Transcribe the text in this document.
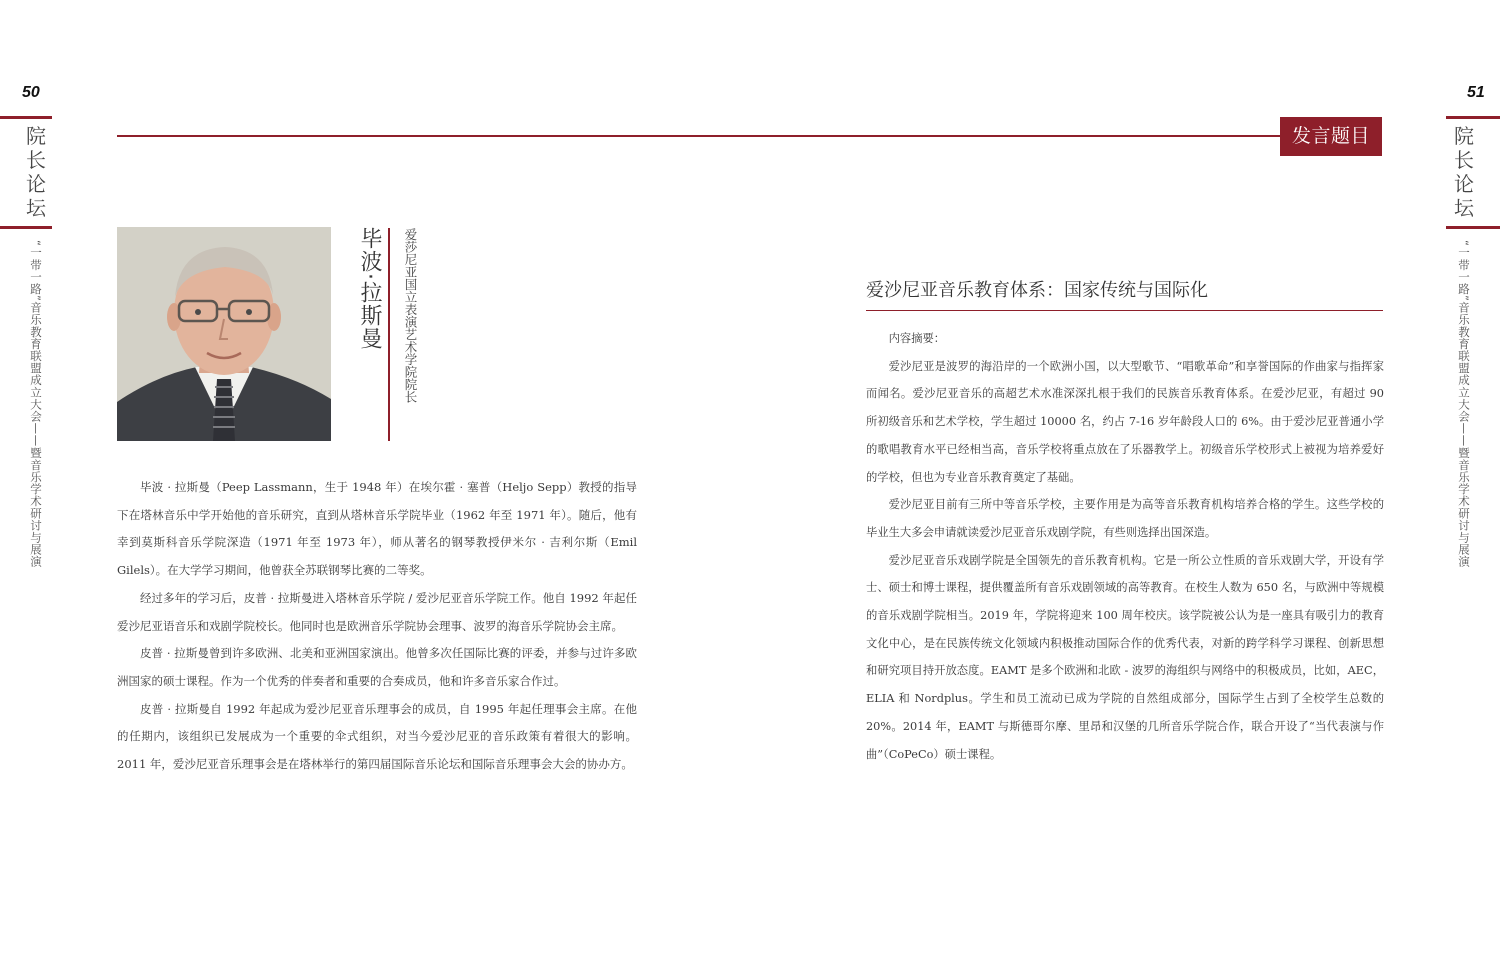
50
院长论坛
“一带一路”音乐教育联盟成立大会——暨音乐学术研讨与展演
51
院长论坛
“一带一路”音乐教育联盟成立大会——暨音乐学术研讨与展演
发言题目
毕波·拉斯曼 爱莎尼亚国立表演艺术学院院长

毕波 · 拉斯曼（Peep Lassmann，生于 1948 年）在埃尔霍 · 塞普（Heljo Sepp）教授的指导下在塔林音乐中学开始他的音乐研究，直到从塔林音乐学院毕业（1962 年至 1971 年）。随后，他有幸到莫斯科音乐学院深造（1971 年至 1973 年），师从著名的钢琴教授伊米尔 · 吉利尔斯（Emil Gilels）。在大学学习期间，他曾获全苏联钢琴比赛的二等奖。

经过多年的学习后，皮普 · 拉斯曼进入塔林音乐学院 / 爱沙尼亚音乐学院工作。他自 1992 年起任爱沙尼亚语音乐和戏剧学院校长。他同时也是欧洲音乐学院协会理事、波罗的海音乐学院协会主席。

皮普 · 拉斯曼曾到许多欧洲、北美和亚洲国家演出。他曾多次任国际比赛的评委，并参与过许多欧洲国家的硕士课程。作为一个优秀的伴奏者和重要的合奏成员，他和许多音乐家合作过。

皮普 · 拉斯曼自 1992 年起成为爱沙尼亚音乐理事会的成员，自 1995 年起任理事会主席。在他的任期内，该组织已发展成为一个重要的伞式组织，对当今爱沙尼亚的音乐政策有着很大的影响。2011 年，爱沙尼亚音乐理事会是在塔林举行的第四届国际音乐论坛和国际音乐理事会大会的协办方。

爱沙尼亚音乐教育体系：国家传统与国际化

内容摘要：

爱沙尼亚是波罗的海沿岸的一个欧洲小国，以大型歌节、“唱歌革命”和享誉国际的作曲家与指挥家而闻名。爱沙尼亚音乐的高超艺术水准深深扎根于我们的民族音乐教育体系。在爱沙尼亚，有超过 90 所初级音乐和艺术学校，学生超过 10000 名，约占 7-16 岁年龄段人口的 6%。由于爱沙尼亚普通小学的歌唱教育水平已经相当高，音乐学校将重点放在了乐器教学上。初级音乐学校形式上被视为培养爱好的学校，但也为专业音乐教育奠定了基础。

爱沙尼亚目前有三所中等音乐学校，主要作用是为高等音乐教育机构培养合格的学生。这些学校的毕业生大多会申请就读爱沙尼亚音乐戏剧学院，有些则选择出国深造。

爱沙尼亚音乐戏剧学院是全国领先的音乐教育机构。它是一所公立性质的音乐戏剧大学，开设有学士、硕士和博士课程，提供覆盖所有音乐戏剧领域的高等教育。在校生人数为 650 名，与欧洲中等规模的音乐戏剧学院相当。2019 年，学院将迎来 100 周年校庆。该学院被公认为是一座具有吸引力的教育文化中心，是在民族传统文化领域内积极推动国际合作的优秀代表，对新的跨学科学习课程、创新思想和研究项目持开放态度。EAMT 是多个欧洲和北欧 - 波罗的海组织与网络中的积极成员，比如，AEC，ELIA 和 Nordplus。学生和员工流动已成为学院的自然组成部分，国际学生占到了全校学生总数的 20%。2014 年，EAMT 与斯德哥尔摩、里昂和汉堡的几所音乐学院合作，联合开设了“当代表演与作曲”（CoPeCo）硕士课程。
